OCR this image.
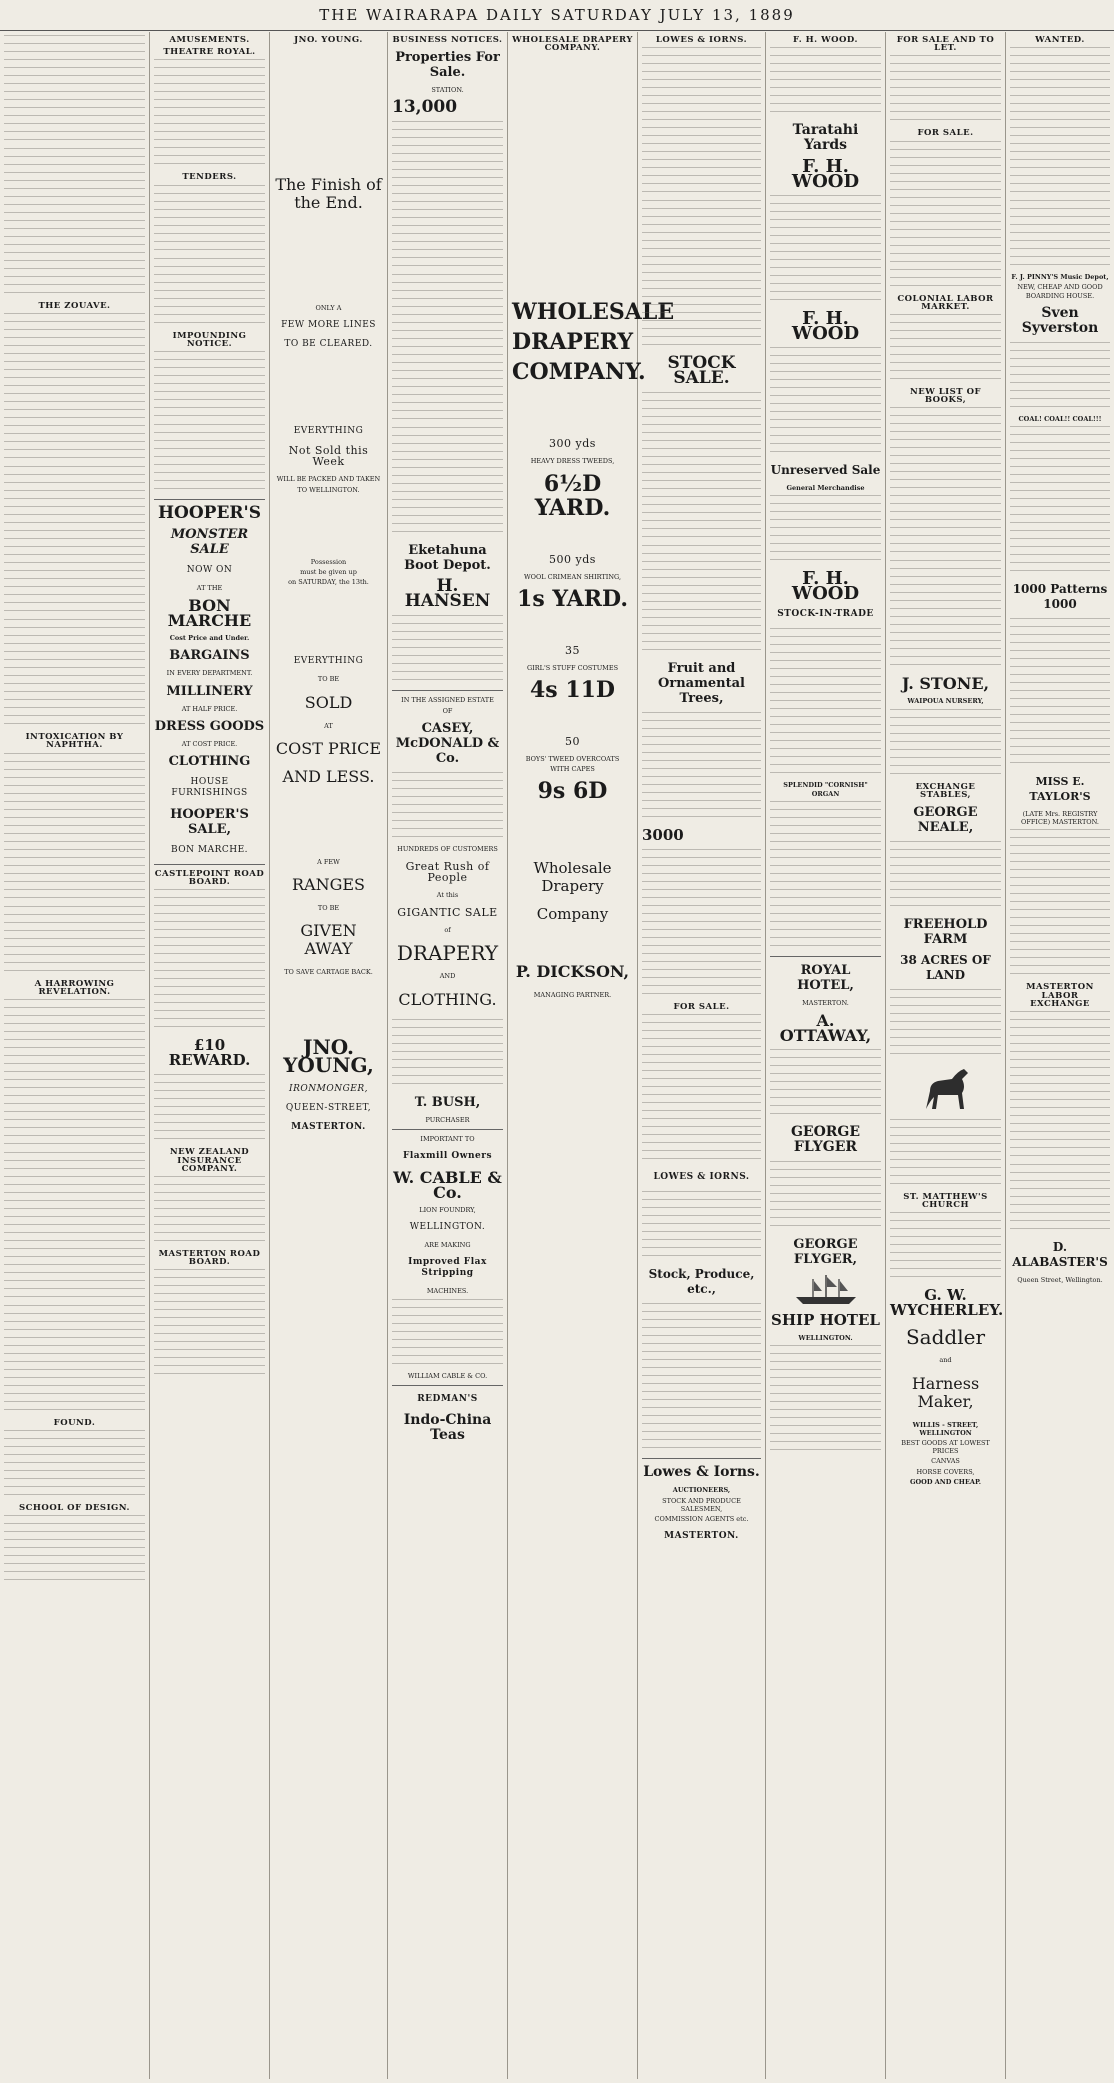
THE WAIRARAPA DAILY SATURDAY JULY 13, 1889
THE ZOUAVE.
INTOXICATION BY NAPHTHA.
A HARROWING REVELATION.
FOUND.
SCHOOL OF DESIGN.
AMUSEMENTS.
THEATRE ROYAL.
TENDERS.
IMPOUNDING NOTICE.
HOOPER'S
MONSTER SALE
NOW ON
AT THE
BON MARCHE
Cost Price and Under.
BARGAINS
IN EVERY DEPARTMENT.
MILLINERY
AT HALF PRICE.
DRESS GOODS
AT COST PRICE.
CLOTHING
HOUSE FURNISHINGS
HOOPER'S SALE,
BON MARCHE.
CASTLEPOINT ROAD BOARD.
£10 REWARD.
NEW ZEALAND INSURANCE COMPANY.
MASTERTON ROAD BOARD.
JNO. YOUNG.
The Finish of the End.
ONLY A
FEW MORE LINES
TO BE CLEARED.
EVERYTHING
Not Sold this Week
WILL BE PACKED AND TAKEN
TO WELLINGTON.
Possession
must be given up
on SATURDAY, the 13th.
EVERYTHING
TO BE
SOLD
AT
COST PRICE
AND LESS.
A FEW
RANGES
TO BE
GIVEN AWAY
TO SAVE CARTAGE BACK.
JNO. YOUNG,
IRONMONGER,
QUEEN-STREET,
MASTERTON.
BUSINESS NOTICES.
Properties For Sale.
STATION.
13,000
Eketahuna Boot Depot.
H. HANSEN
IN THE ASSIGNED ESTATE
OF
CASEY, McDONALD & Co.
HUNDREDS OF CUSTOMERS
Great Rush of People
At this
GIGANTIC SALE
of
DRAPERY
AND
CLOTHING.
T. BUSH,
PURCHASER
IMPORTANT TO
Flaxmill Owners
W. CABLE & Co.
LION FOUNDRY,
WELLINGTON.
ARE MAKING
Improved Flax Stripping
MACHINES.
WILLIAM CABLE & CO.
REDMAN'S
Indo-China Teas
WHOLESALE DRAPERY COMPANY.
WHOLESALE
DRAPERY
COMPANY.
300 yds
HEAVY DRESS TWEEDS,
6½D YARD.
500 yds
WOOL CRIMEAN SHIRTING,
1s YARD.
35
GIRL'S STUFF COSTUMES
4s 11D
50
BOYS' TWEED OVERCOATS
WITH CAPES
9s 6D
Wholesale Drapery
Company
P. DICKSON,
MANAGING PARTNER.
LOWES & IORNS.
STOCK SALE.
Fruit and Ornamental Trees,
3000
FOR SALE.
LOWES & IORNS.
Stock, Produce, etc.,
Lowes & Iorns.
AUCTIONEERS,
STOCK AND PRODUCE SALESMEN,
COMMISSION AGENTS etc.
MASTERTON.
F. H. WOOD.
Taratahi Yards
F. H. WOOD
F. H. WOOD
Unreserved Sale
General Merchandise
F. H. WOOD
STOCK-IN-TRADE
SPLENDID "CORNISH" ORGAN
ROYAL HOTEL,
MASTERTON.
A. OTTAWAY,
GEORGE FLYGER
GEORGE FLYGER,
SHIP HOTEL
WELLINGTON.
FOR SALE AND TO LET.
FOR SALE.
COLONIAL LABOR MARKET.
NEW LIST OF BOOKS,
J. STONE,
WAIPOUA NURSERY,
EXCHANGE STABLES,
GEORGE NEALE,
FREEHOLD FARM
38 ACRES OF LAND
ST. MATTHEW'S CHURCH
G. W. WYCHERLEY.
Saddler
and
Harness Maker,
WILLIS - STREET, WELLINGTON
BEST GOODS AT LOWEST PRICES
CANVAS
HORSE COVERS,
GOOD AND CHEAP.
WANTED.
F. J. PINNY'S Music Depot,
NEW, CHEAP AND GOOD BOARDING HOUSE.
Sven Syverston
COAL! COAL!! COAL!!!
1000 Patterns 1000
MISS E. TAYLOR'S
(LATE Mrs. REGISTRY OFFICE) MASTERTON.
MASTERTON LABOR EXCHANGE
D. ALABASTER'S
Queen Street, Wellington.
